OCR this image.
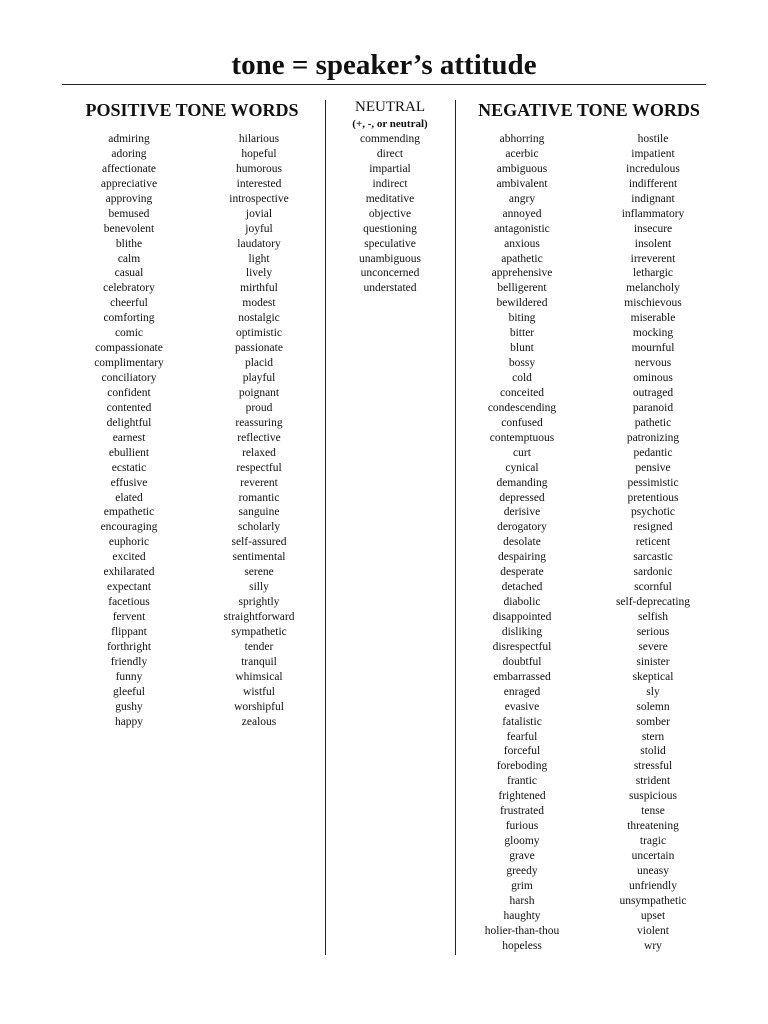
tone = speaker’s attitude
POSITIVE TONE WORDS	NEUTRAL
(+, -, or neutral)
NEGATIVE TONE WORDS
admiring
adoring
affectionate
appreciative
approving
bemused
benevolent
blithe
calm
casual
celebratory
cheerful
comforting
comic
compassionate
complimentary
conciliatory
confident
contented
delightful
earnest
ebullient
ecstatic
effusive
elated
empathetic
encouraging
euphoric
excited
exhilarated
expectant
facetious
fervent
flippant
forthright
friendly
funny
gleeful
gushy
happy
hilarious
hopeful
humorous
interested
introspective
jovial
joyful
laudatory
light
lively
mirthful
modest
nostalgic
optimistic
passionate
placid
playful
poignant
proud
reassuring
reflective
relaxed
respectful
reverent
romantic
sanguine
scholarly
self-assured
sentimental
serene
silly
sprightly
straightforward
sympathetic
tender
tranquil
whimsical
wistful
worshipful
zealous
commending
direct
impartial
indirect
meditative
objective
questioning
speculative
unambiguous
unconcerned
understated
abhorring
acerbic
ambiguous
ambivalent
angry
annoyed
antagonistic
anxious
apathetic
apprehensive
belligerent
bewildered
biting
bitter
blunt
bossy
cold
conceited
condescending
confused
contemptuous
curt
cynical
demanding
depressed
derisive
derogatory
desolate
despairing
desperate
detached
diabolic
disappointed
disliking
disrespectful
doubtful
embarrassed
enraged
evasive
fatalistic
fearful
forceful
foreboding
frantic
frightened
frustrated
furious
gloomy
grave
greedy
grim
harsh
haughty
holier-than-thou
hopeless
hostile
impatient
incredulous
indifferent
indignant
inflammatory
insecure
insolent
irreverent
lethargic
melancholy
mischievous
miserable
mocking
mournful
nervous
ominous
outraged
paranoid
pathetic
patronizing
pedantic
pensive
pessimistic
pretentious
psychotic
resigned
reticent
sarcastic
sardonic
scornful
self-deprecating
selfish
serious
severe
sinister
skeptical
sly
solemn
somber
stern
stolid
stressful
strident
suspicious
tense
threatening
tragic
uncertain
uneasy
unfriendly
unsympathetic
upset
violent
wry
